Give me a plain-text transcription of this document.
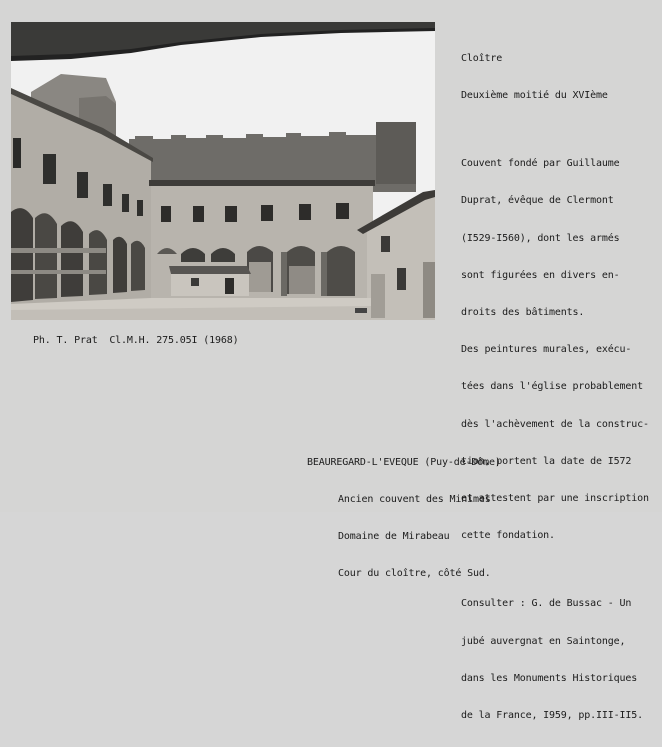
Cloître

Deuxième moitié du XVIème

Couvent fondé par Guillaume

Duprat, évêque de Clermont

(I529-I560), dont les armés

sont figurées en divers en-

droits des bâtiments.

Des peintures murales, exécu-

tées dans l'église probablement

dès l'achèvement de la construc-

tion, portent la date de I572

et attestent par une inscription

cette fondation.

Consulter : G. de Bussac - Un

jubé auvergnat en Saintonge,

dans les Monuments Historiques

de la France, I959, pp.III-II5.

Ph. T. Prat  Cl.M.H. 275.05I (1968)

BEAUREGARD-L'EVEQUE (Puy-de-Dôme)

Ancien couvent des Minimes

Domaine de Mirabeau

Cour du cloître, côté Sud.
